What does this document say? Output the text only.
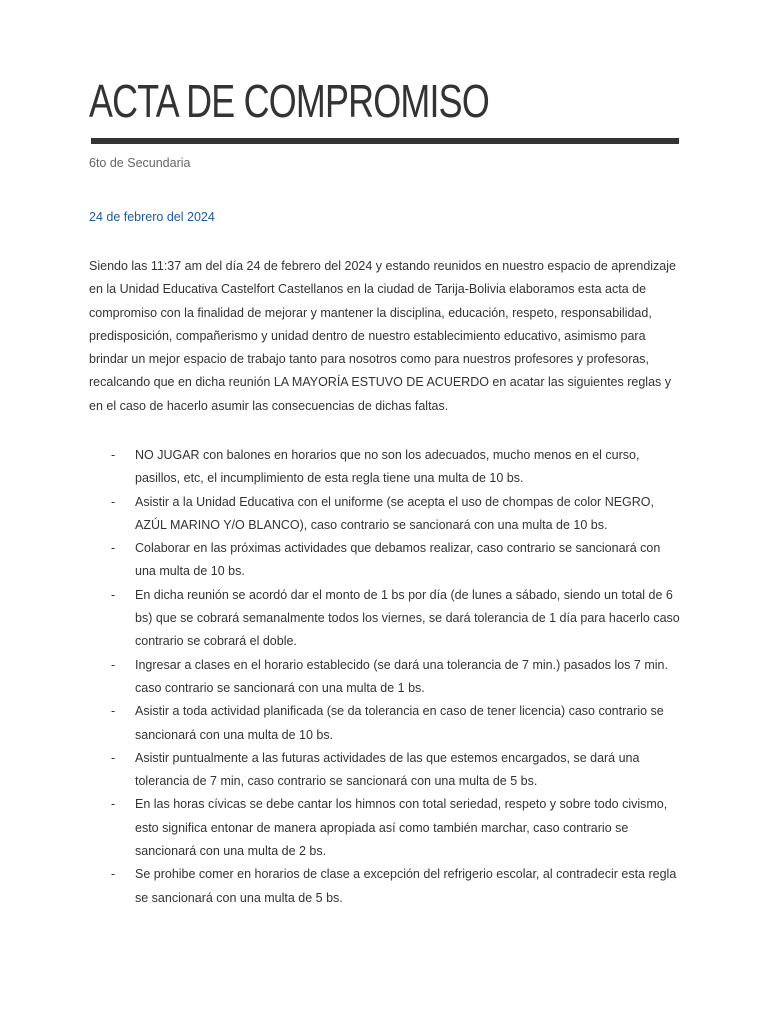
ACTA DE COMPROMISO
6to de Secundaria
24 de febrero del 2024

Siendo las 11:37 am del día 24 de febrero del 2024 y estando reunidos en nuestro espacio de aprendizaje en la Unidad Educativa Castelfort Castellanos en la ciudad de Tarija-Bolivia elaboramos esta acta de compromiso con la finalidad de mejorar y mantener la disciplina, educación, respeto, responsabilidad, predisposición, compañerismo y unidad dentro de nuestro establecimiento educativo, asimismo para brindar un mejor espacio de trabajo tanto para nosotros como para nuestros profesores y profesoras, recalcando que en dicha reunión LA MAYORÍA ESTUVO DE ACUERDO en acatar las siguientes reglas y en el caso de hacerlo asumir las consecuencias de dichas faltas.

- NO JUGAR con balones en horarios que no son los adecuados, mucho menos en el curso, pasillos, etc, el incumplimiento de esta regla tiene una multa de 10 bs.
- Asistir a la Unidad Educativa con el uniforme (se acepta el uso de chompas de color NEGRO, AZÚL MARINO Y/O BLANCO), caso contrario se sancionará con una multa de 10 bs.
- Colaborar en las próximas actividades que debamos realizar, caso contrario se sancionará con una multa de 10 bs.
- En dicha reunión se acordó dar el monto de 1 bs por día (de lunes a sábado, siendo un total de 6 bs) que se cobrará semanalmente todos los viernes, se dará tolerancia de 1 día para hacerlo caso contrario se cobrará el doble.
- Ingresar a clases en el horario establecido (se dará una tolerancia de 7 min.) pasados los 7 min. caso contrario se sancionará con una multa de 1 bs.
- Asistir a toda actividad planificada (se da tolerancia en caso de tener licencia) caso contrario se sancionará con una multa de 10 bs.
- Asistir puntualmente a las futuras actividades de las que estemos encargados, se dará una tolerancia de 7 min, caso contrario se sancionará con una multa de 5 bs.
- En las horas cívicas se debe cantar los himnos con total seriedad, respeto y sobre todo civismo, esto significa entonar de manera apropiada así como también marchar, caso contrario se sancionará con una multa de 2 bs.
- Se prohibe comer en horarios de clase a excepción del refrigerio escolar, al contradecir esta regla se sancionará con una multa de 5 bs.
